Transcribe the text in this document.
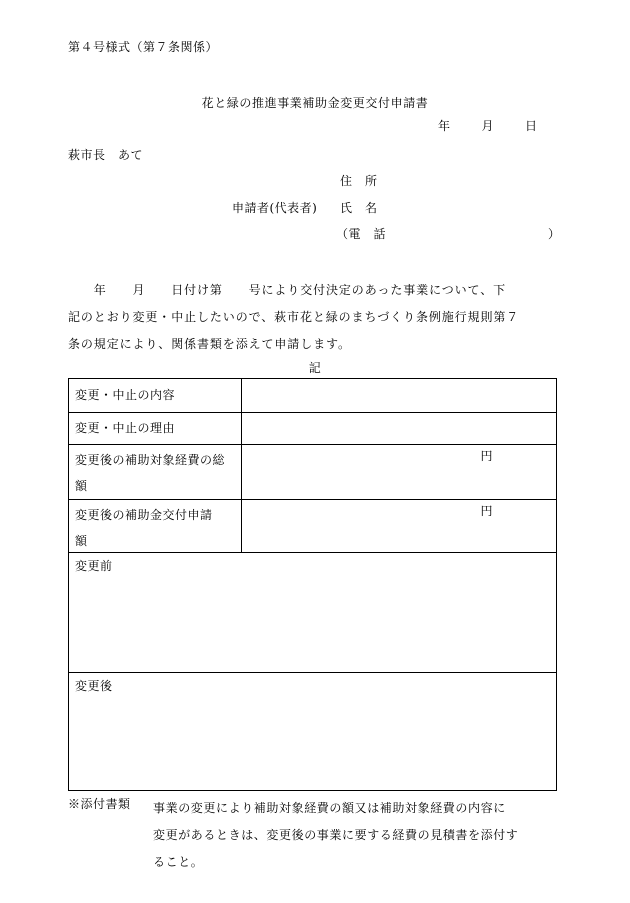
第４号様式（第７条関係）
花と緑の推進事業補助金変更交付申請書
年	月	日
萩市長　あて
住　所
申請者(代表者) 氏　名
（電　話	）
　　年　　月　　日付け第　　号により交付決定のあった事業について、下
記のとおり変更・中止したいので、萩市花と緑のまちづくり条例施行規則第７
条の規定により、関係書類を添えて申請します。
記
変更・中止の内容
変更・中止の理由
変更後の補助対象経費の総
額
円
変更後の補助金交付申請
額
円
変更前
変更後
※添付書類 事業の変更により補助対象経費の額又は補助対象経費の内容に
変更があるときは、変更後の事業に要する経費の見積書を添付す
ること。
